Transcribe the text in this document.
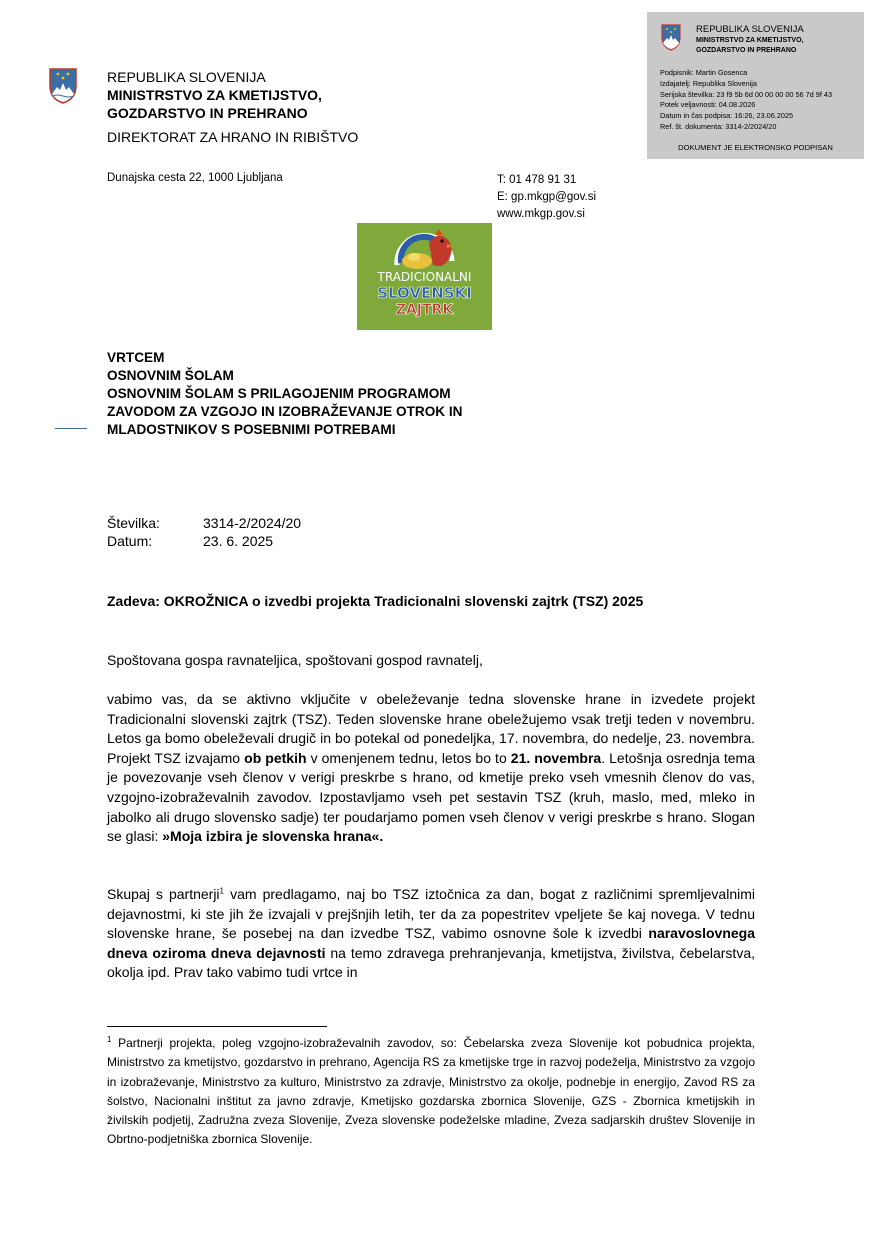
REPUBLIKA SLOVENIJA
MINISTRSTVO ZA KMETIJSTVO,
GOZDARSTVO IN PREHRANO
Podpisnik: Martin Gosenca
Izdajatelj: Republika Slovenija
Serijska številka: 23 f9 5b 6d 00 00 00 00 56 7d 9f 43
Potek veljavnosti: 04.08.2026
Datum in čas podpisa: 16:26, 23.06.2025
Ref. št. dokumenta: 3314-2/2024/20
DOKUMENT JE ELEKTRONSKO PODPISAN
REPUBLIKA SLOVENIJA
MINISTRSTVO ZA KMETIJSTVO,
GOZDARSTVO IN PREHRANO
DIREKTORAT ZA HRANO IN RIBIŠTVO
Dunajska cesta 22, 1000 Ljubljana	T: 01 478 91 31
E: gp.mkgp@gov.si
www.mkgp.gov.si
TRADICIONALNI
SLOVENSKI
ZAJTRK
VRTCEM
OSNOVNIM ŠOLAM
OSNOVNIM ŠOLAM S PRILAGOJENIM PROGRAMOM
ZAVODOM ZA VZGOJO IN IZOBRAŽEVANJE OTROK IN
MLADOSTNIKOV S POSEBNIMI POTREBAMI
Številka:	3314-2/2024/20
Datum:	23. 6. 2025
Zadeva: OKROŽNICA o izvedbi projekta Tradicionalni slovenski zajtrk (TSZ) 2025
Spoštovana gospa ravnateljica, spoštovani gospod ravnatelj,
vabimo vas, da se aktivno vključite v obeleževanje tedna slovenske hrane in izvedete projekt Tradicionalni slovenski zajtrk (TSZ). Teden slovenske hrane obeležujemo vsak tretji teden v novembru. Letos ga bomo obeleževali drugič in bo potekal od ponedeljka, 17. novembra, do nedelje, 23. novembra. Projekt TSZ izvajamo ob petkih v omenjenem tednu, letos bo to 21. novembra. Letošnja osrednja tema je povezovanje vseh členov v verigi preskrbe s hrano, od kmetije preko vseh vmesnih členov do vas, vzgojno-izobraževalnih zavodov. Izpostavljamo vseh pet sestavin TSZ (kruh, maslo, med, mleko in jabolko ali drugo slovensko sadje) ter poudarjamo pomen vseh členov v verigi preskrbe s hrano. Slogan se glasi: »Moja izbira je slovenska hrana«.
Skupaj s partnerji$^1$ vam predlagamo, naj bo TSZ iztočnica za dan, bogat z različnimi spremljevalnimi dejavnostmi, ki ste jih že izvajali v prejšnjih letih, ter da za popestritev vpeljete še kaj novega. V tednu slovenske hrane, še posebej na dan izvedbe TSZ, vabimo osnovne šole k izvedbi naravoslovnega dneva oziroma dneva dejavnosti na temo zdravega prehranjevanja, kmetijstva, živilstva, čebelarstva, okolja ipd. Prav tako vabimo tudi vrtce in
$^1$ Partnerji projekta, poleg vzgojno-izobraževalnih zavodov, so: Čebelarska zveza Slovenije kot pobudnica projekta, Ministrstvo za kmetijstvo, gozdarstvo in prehrano, Agencija RS za kmetijske trge in razvoj podeželja, Ministrstvo za vzgojo in izobraževanje, Ministrstvo za kulturo, Ministrstvo za zdravje, Ministrstvo za okolje, podnebje in energijo, Zavod RS za šolstvo, Nacionalni inštitut za javno zdravje, Kmetijsko gozdarska zbornica Slovenije, GZS - Zbornica kmetijskih in živilskih podjetij, Zadružna zveza Slovenije, Zveza slovenske podeželske mladine, Zveza sadjarskih društev Slovenije in Obrtno-podjetniška zbornica Slovenije.
